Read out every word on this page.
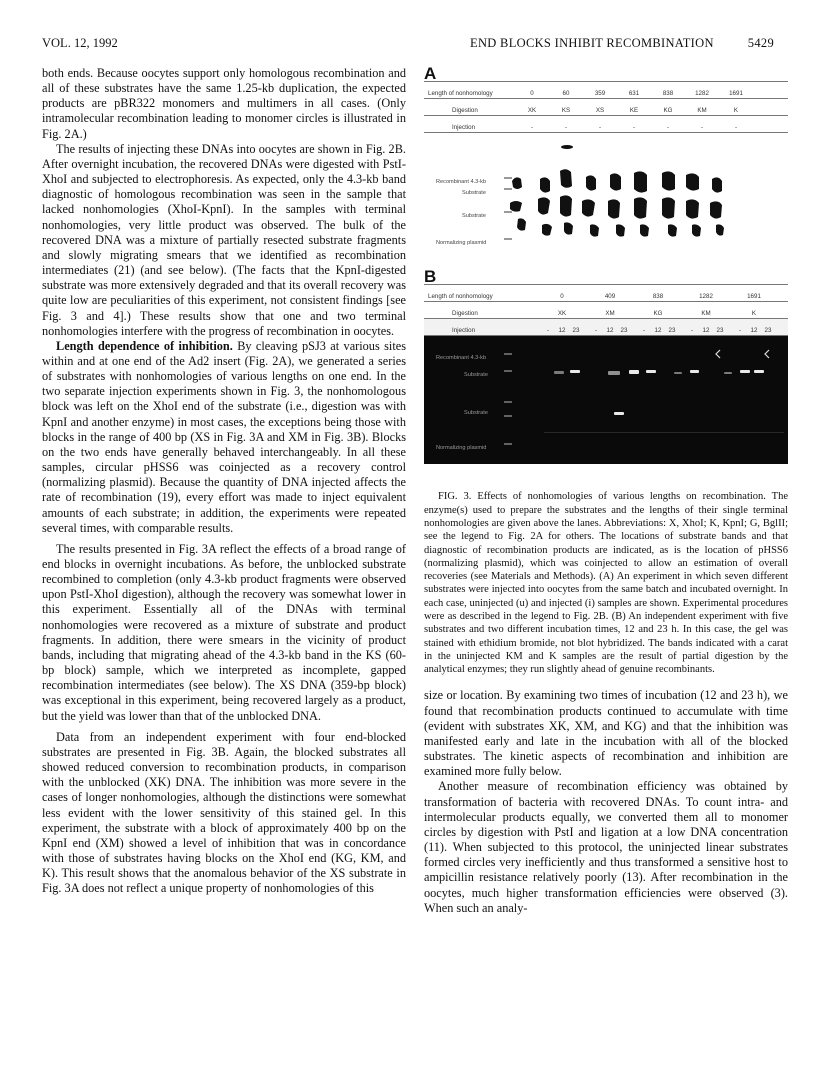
VOL. 12, 1992	END BLOCKS INHIBIT RECOMBINATION	5429

both ends. Because oocytes support only homologous recombination and all of these substrates have the same 1.25-kb duplication, the expected products are pBR322 monomers and multimers in all cases. (Only intramolecular recombination leading to monomer circles is illustrated in Fig. 2A.)

The results of injecting these DNAs into oocytes are shown in Fig. 2B. After overnight incubation, the recovered DNAs were digested with PstI-XhoI and subjected to electrophoresis. As expected, only the 4.3-kb band diagnostic of homologous recombination was seen in the sample that lacked nonhomologies (XhoI-KpnI). In the samples with terminal nonhomologies, very little product was observed. The bulk of the recovered DNA was a mixture of partially resected substrate fragments and slowly migrating smears that we identified as recombination intermediates (21) (and see below). (The facts that the KpnI-digested substrate was more extensively degraded and that its overall recovery was quite low are peculiarities of this experiment, not consistent findings [see Fig. 3 and 4].) These results show that one and two terminal nonhomologies interfere with the progress of recombination in oocytes.

Length dependence of inhibition. By cleaving pSJ3 at various sites within and at one end of the Ad2 insert (Fig. 2A), we generated a series of substrates with nonhomologies of various lengths on one end. In the two separate injection experiments shown in Fig. 3, the nonhomologous block was left on the XhoI end of the substrate (i.e., digestion was with KpnI and another enzyme) in most cases, the exceptions being those with blocks in the range of 400 bp (XS in Fig. 3A and XM in Fig. 3B). Blocks on the two ends have generally behaved interchangeably. In all these samples, circular pHSS6 was coinjected as a recovery control (normalizing plasmid). Because the quantity of DNA injected affects the rate of recombination (19), every effort was made to inject equivalent amounts of each substrate; in addition, the experiments were repeated several times, with comparable results.

The results presented in Fig. 3A reflect the effects of a broad range of end blocks in overnight incubations. As before, the unblocked substrate recombined to completion (only 4.3-kb product fragments were observed upon PstI-XhoI digestion), although the recovery was somewhat lower in this experiment. Essentially all of the DNAs with terminal nonhomologies were recovered as a mixture of substrate and product fragments. In addition, there were smears in the vicinity of product bands, including that migrating ahead of the 4.3-kb band in the KS (60-bp block) sample, which we interpreted as incomplete, gapped recombination intermediates (see below). The XS DNA (359-bp block) was exceptional in this experiment, being recovered largely as a product, but the yield was lower than that of the unblocked DNA.

Data from an independent experiment with four end-blocked substrates are presented in Fig. 3B. Again, the blocked substrates all showed reduced conversion to recombination products, in comparison with the unblocked (XK) DNA. The inhibition was more severe in the cases of longer nonhomologies, although the distinctions were somewhat less evident with the lower sensitivity of this stained gel. In this experiment, the substrate with a block of approximately 400 bp on the KpnI end (XM) showed a level of inhibition that was in concordance with those of substrates having blocks on the XhoI end (KG, KM, and K). This result shows that the anomalous behavior of the XS substrate in Fig. 3A does not reflect a unique property of nonhomologies of this

A
Length of nonhomology	0	60	359	631	838	1282	1691
Digestion	XK	KS	XS	KE	KG	KM	K
Injection	-	-	-	-	-	-	-
Recombinant 4.3-kb
Substrate
Substrate
Normalizing plasmid
B
Length of nonhomology	0	409	838	1282	1691
Digestion	XK	XM	KG	KM	K
Injection	- 12 23	- 12 23	- 12 23	- 12 23	- 12 23
Recombinant 4.3-kb
Substrate
Substrate
Normalizing plasmid

FIG. 3. Effects of nonhomologies of various lengths on recombination. The enzyme(s) used to prepare the substrates and the lengths of their single terminal nonhomologies are given above the lanes. Abbreviations: X, XhoI; K, KpnI; G, BglII; see the legend to Fig. 2A for others. The locations of substrate bands and that diagnostic of recombination products are indicated, as is the location of pHSS6 (normalizing plasmid), which was coinjected to allow an estimation of overall recoveries (see Materials and Methods). (A) An experiment in which seven different substrates were injected into oocytes from the same batch and incubated overnight. In each case, uninjected (u) and injected (i) samples are shown. Experimental procedures were as described in the legend to Fig. 2B. (B) An independent experiment with five substrates and two different incubation times, 12 and 23 h. In this case, the gel was stained with ethidium bromide, not blot hybridized. The bands indicated with a carat in the uninjected KM and K samples are the result of partial digestion by the analytical enzymes; they run slightly ahead of genuine recombinants.

size or location. By examining two times of incubation (12 and 23 h), we found that recombination products continued to accumulate with time (evident with substrates XK, XM, and KG) and that the inhibition was manifested early and late in the incubation with all of the blocked substrates. The kinetic aspects of recombination and inhibition are examined more fully below.

Another measure of recombination efficiency was obtained by transformation of bacteria with recovered DNAs. To count intra- and intermolecular products equally, we converted them all to monomer circles by digestion with PstI and ligation at a low DNA concentration (11). When subjected to this protocol, the uninjected linear substrates formed circles very inefficiently and thus transformed a sensitive host to ampicillin resistance relatively poorly (13). After recombination in the oocytes, much higher transformation efficiencies were observed (3). When such an analy-
